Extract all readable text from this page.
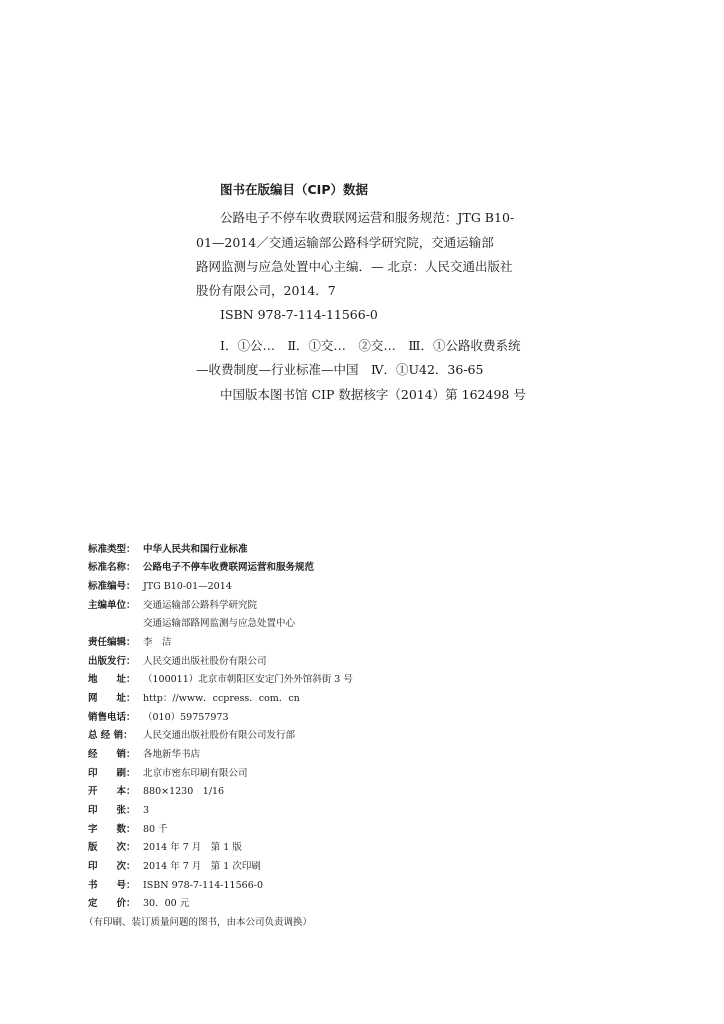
图书在版编目（CIP）数据
公路电子不停车收费联网运营和服务规范：JTG B10-
01—2014／交通运输部公路科学研究院，交通运输部
路网监测与应急处置中心主编．— 北京：人民交通出版社
股份有限公司，2014．7
ISBN 978-7-114-11566-0
Ⅰ．①公…　Ⅱ．①交…　②交…　Ⅲ．①公路收费系统
—收费制度—行业标准—中国　Ⅳ．①U42．36-65
中国版本图书馆 CIP 数据核字（2014）第 162498 号
标准类型： 中华人民共和国行业标准
标准名称： 公路电子不停车收费联网运营和服务规范
标准编号： JTG B10-01—2014
主编单位： 交通运输部公路科学研究院
交通运输部路网监测与应急处置中心
责任编辑： 李　洁
出版发行： 人民交通出版社股份有限公司
地　　址： （100011）北京市朝阳区安定门外外馆斜街 3 号
网　　址： http：//www．ccpress．com．cn
销售电话： （010）59757973
总 经 销： 人民交通出版社股份有限公司发行部
经　　销： 各地新华书店
印　　刷： 北京市密东印刷有限公司
开　　本： 880×1230　1/16
印　　张： 3
字　　数： 80 千
版　　次： 2014 年 7 月　第 1 版
印　　次： 2014 年 7 月　第 1 次印刷
书　　号： ISBN 978-7-114-11566-0
定　　价： 30．00 元
（有印刷、装订质量问题的图书，由本公司负责调换）
